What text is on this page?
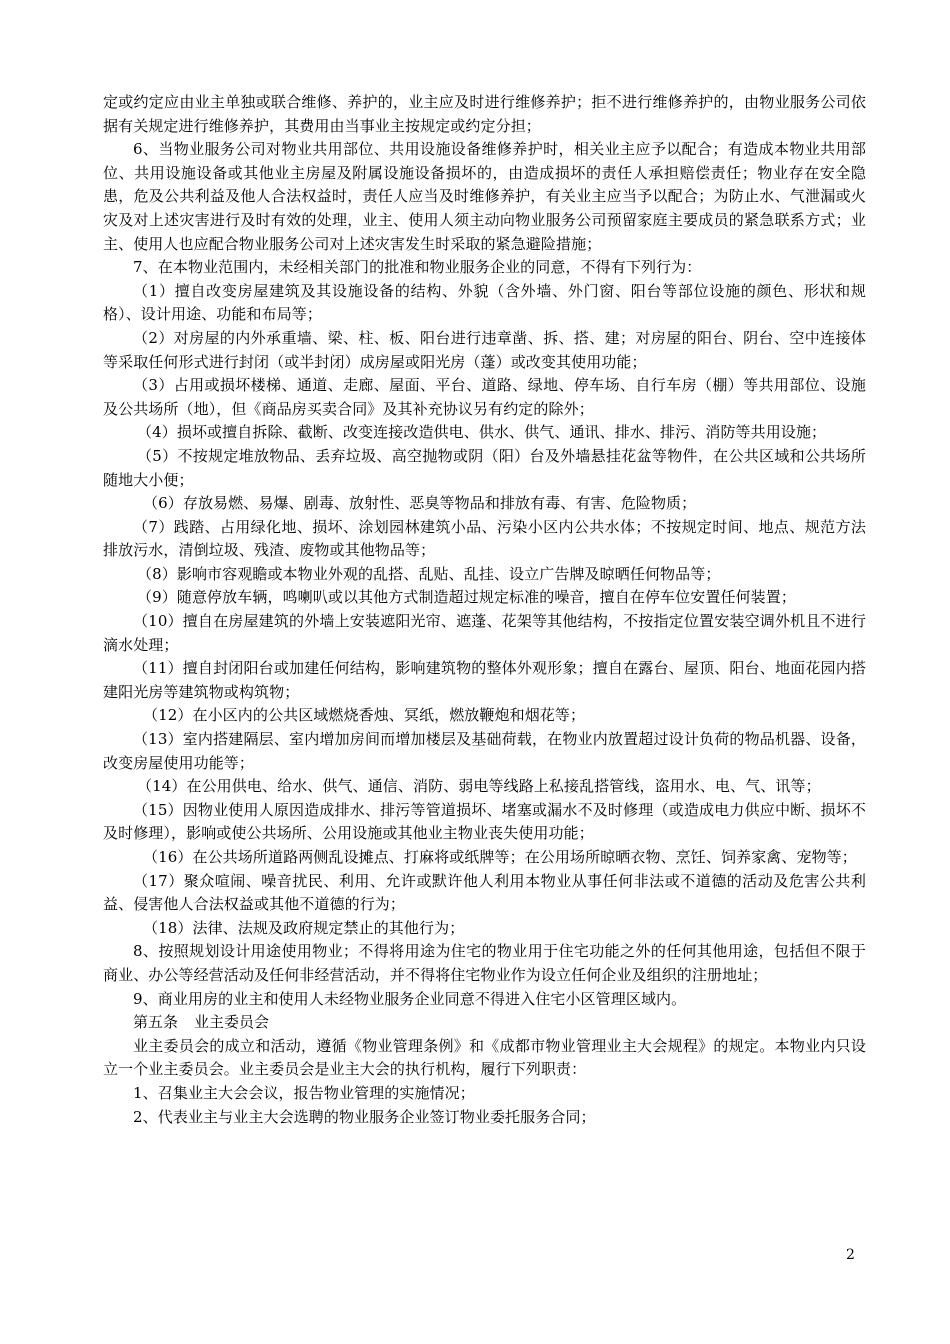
定或约定应由业主单独或联合维修、养护的，业主应及时进行维修养护；拒不进行维修养护的，由物业服务公司依据有关规定进行维修养护，其费用由当事业主按规定或约定分担；

6、当物业服务公司对物业共用部位、共用设施设备维修养护时，相关业主应予以配合；有造成本物业共用部位、共用设施设备或其他业主房屋及附属设施设备损坏的，由造成损坏的责任人承担赔偿责任；物业存在安全隐患，危及公共利益及他人合法权益时，责任人应当及时维修养护，有关业主应当予以配合；为防止水、气泄漏或火灾及对上述灾害进行及时有效的处理，业主、使用人须主动向物业服务公司预留家庭主要成员的紧急联系方式；业主、使用人也应配合物业服务公司对上述灾害发生时采取的紧急避险措施；

7、在本物业范围内，未经相关部门的批准和物业服务企业的同意，不得有下列行为：

（1）擅自改变房屋建筑及其设施设备的结构、外貌（含外墙、外门窗、阳台等部位设施的颜色、形状和规格）、设计用途、功能和布局等；

（2）对房屋的内外承重墙、梁、柱、板、阳台进行违章凿、拆、搭、建；对房屋的阳台、阴台、空中连接体等采取任何形式进行封闭（或半封闭）成房屋或阳光房（蓬）或改变其使用功能；

（3）占用或损坏楼梯、通道、走廊、屋面、平台、道路、绿地、停车场、自行车房（棚）等共用部位、设施及公共场所（地），但《商品房买卖合同》及其补充协议另有约定的除外；

（4）损坏或擅自拆除、截断、改变连接改造供电、供水、供气、通讯、排水、排污、消防等共用设施；

（5）不按规定堆放物品、丢弃垃圾、高空抛物或阴（阳）台及外墙悬挂花盆等物件，在公共区域和公共场所随地大小便；

（6）存放易燃、易爆、剧毒、放射性、恶臭等物品和排放有毒、有害、危险物质；

（7）践踏、占用绿化地、损坏、涂划园林建筑小品、污染小区内公共水体；不按规定时间、地点、规范方法排放污水，清倒垃圾、残渣、废物或其他物品等；

（8）影响市容观瞻或本物业外观的乱搭、乱贴、乱挂、设立广告牌及晾晒任何物品等；

（9）随意停放车辆，鸣喇叭或以其他方式制造超过规定标准的噪音，擅自在停车位安置任何装置；

（10）擅自在房屋建筑的外墙上安装遮阳光帘、遮蓬、花架等其他结构，不按指定位置安装空调外机且不进行滴水处理；

（11）擅自封闭阳台或加建任何结构，影响建筑物的整体外观形象；擅自在露台、屋顶、阳台、地面花园内搭建阳光房等建筑物或构筑物；

（12）在小区内的公共区域燃烧香烛、冥纸，燃放鞭炮和烟花等；

（13）室内搭建隔层、室内增加房间而增加楼层及基础荷载，在物业内放置超过设计负荷的物品机器、设备，改变房屋使用功能等；

（14）在公用供电、给水、供气、通信、消防、弱电等线路上私接乱搭管线，盗用水、电、气、讯等；

（15）因物业使用人原因造成排水、排污等管道损坏、堵塞或漏水不及时修理（或造成电力供应中断、损坏不及时修理），影响或使公共场所、公用设施或其他业主物业丧失使用功能；

（16）在公共场所道路两侧乱设摊点、打麻将或纸牌等；在公用场所晾晒衣物、烹饪、饲养家禽、宠物等；

（17）聚众喧闹、噪音扰民、利用、允许或默许他人利用本物业从事任何非法或不道德的活动及危害公共利益、侵害他人合法权益或其他不道德的行为；

（18）法律、法规及政府规定禁止的其他行为；

8、按照规划设计用途使用物业；不得将用途为住宅的物业用于住宅功能之外的任何其他用途，包括但不限于商业、办公等经营活动及任何非经营活动，并不得将住宅物业作为设立任何企业及组织的注册地址；

9、商业用房的业主和使用人未经物业服务企业同意不得进入住宅小区管理区域内。

第五条 业主委员会

业主委员会的成立和活动，遵循《物业管理条例》和《成都市物业管理业主大会规程》的规定。本物业内只设立一个业主委员会。业主委员会是业主大会的执行机构，履行下列职责：

1、召集业主大会会议，报告物业管理的实施情况；

2、代表业主与业主大会选聘的物业服务企业签订物业委托服务合同；

2
